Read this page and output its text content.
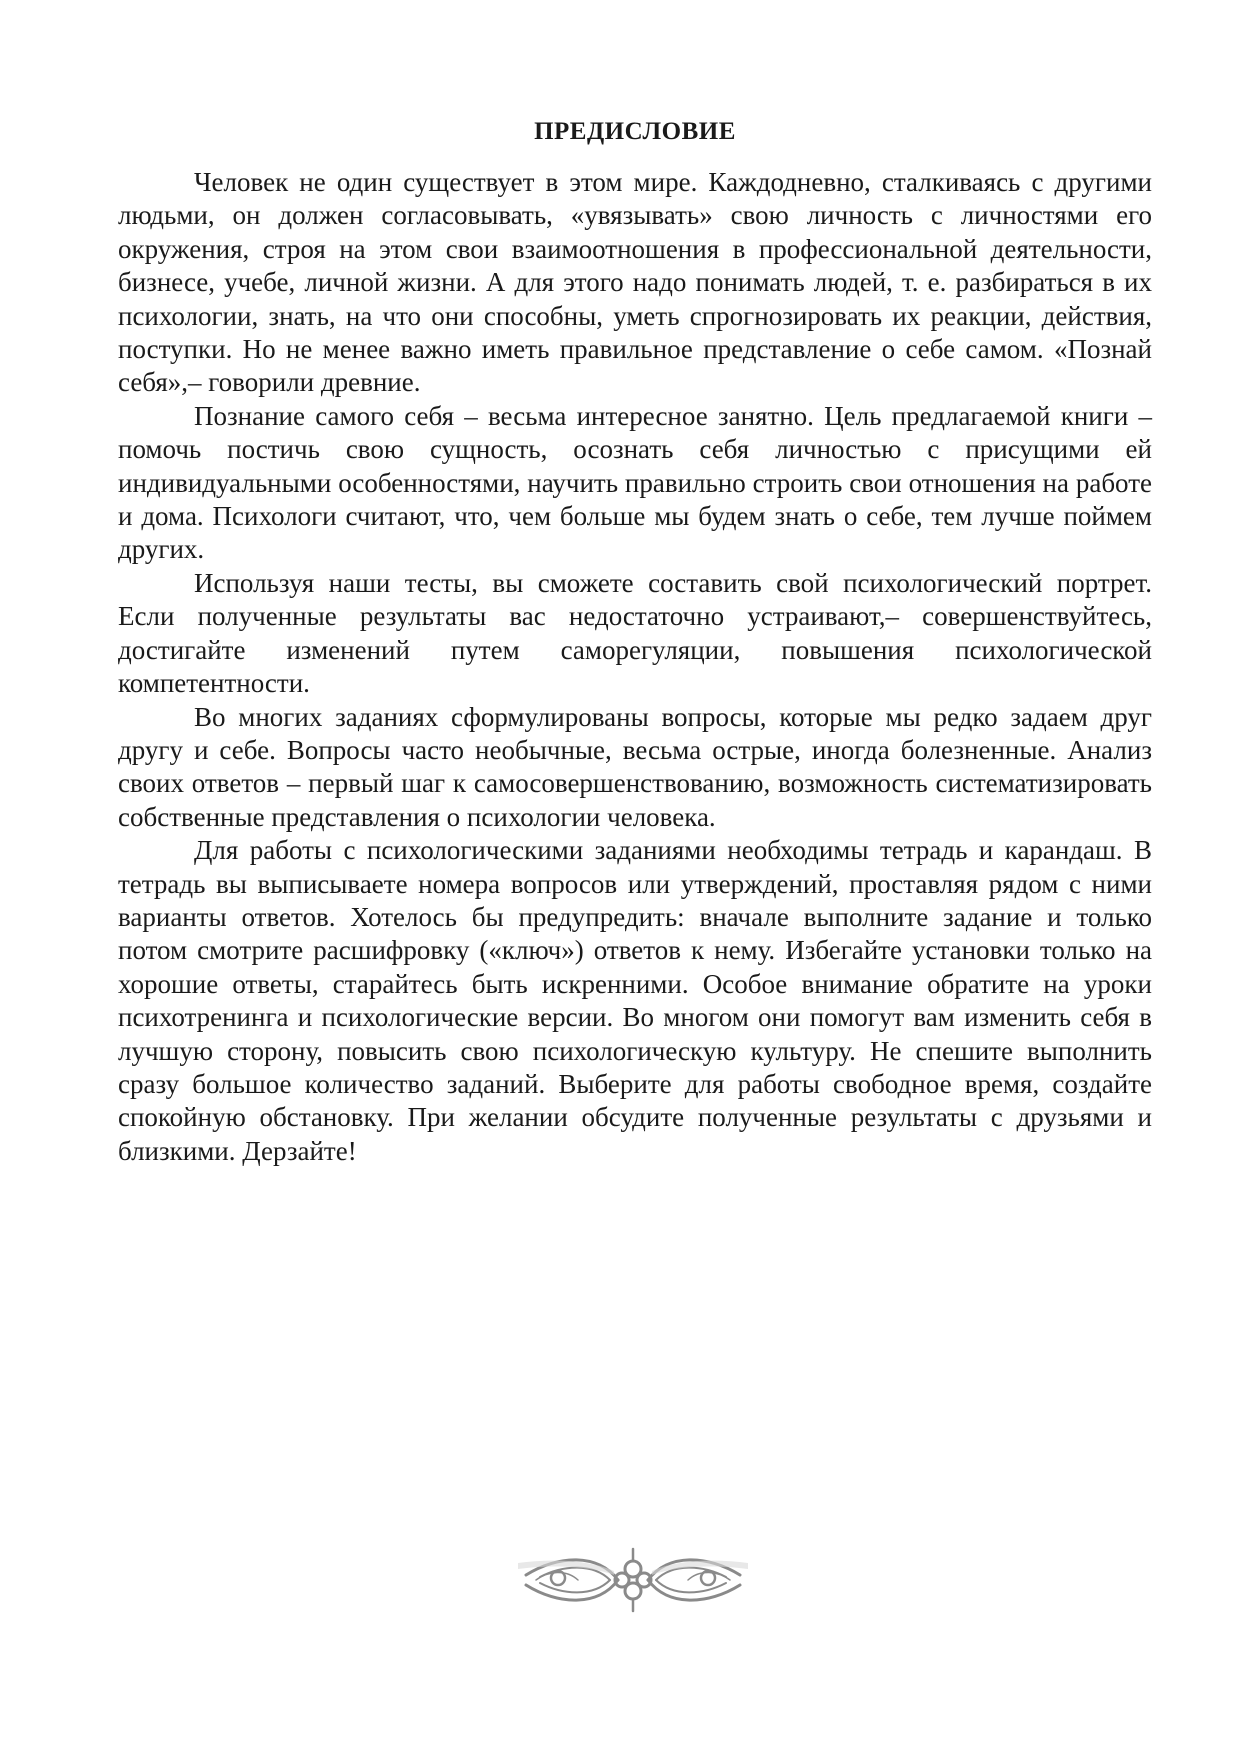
ПРЕДИСЛОВИЕ

Человек не один существует в этом мире. Каждодневно, сталкиваясь с другими людьми, он должен согласовывать, «увязывать» свою личность с личностями его окружения, строя на этом свои взаимоотношения в профессиональной деятельности, бизнесе, учебе, личной жизни. А для этого надо понимать людей, т. е. разбираться в их психологии, знать, на что они способны, уметь спрогнозировать их реакции, действия, поступки. Но не менее важно иметь правильное представление о себе самом. «Познай себя»,– говорили древние.

Познание самого себя – весьма интересное занятно. Цель предлагаемой книги – помочь постичь свою сущность, осознать себя личностью с присущими ей индивидуальными особенностями, научить правильно строить свои отношения на работе и дома. Психологи считают, что, чем больше мы будем знать о себе, тем лучше поймем других.

Используя наши тесты, вы сможете составить свой психологический портрет. Если полученные результаты вас недостаточно устраивают,– совершенствуйтесь, достигайте изменений путем саморегуляции, повышения психологической компетентности.

Во многих заданиях сформулированы вопросы, которые мы редко задаем друг другу и себе. Вопросы часто необычные, весьма острые, иногда болезненные. Анализ своих ответов – первый шаг к самосовершенствованию, возможность систематизировать собственные представления о психологии человека.

Для работы с психологическими заданиями необходимы тетрадь и карандаш. В тетрадь вы выписываете номера вопросов или утверждений, проставляя рядом с ними варианты ответов. Хотелось бы предупредить: вначале выполните задание и только потом смотрите расшифровку («ключ») ответов к нему. Избегайте установки только на хорошие ответы, старайтесь быть искренними. Особое внимание обратите на уроки психотренинга и психологические версии. Во многом они помогут вам изменить себя в лучшую сторону, повысить свою психологическую культуру. Не спешите выполнить сразу большое количество заданий. Выберите для работы свободное время, создайте спокойную обстановку. При желании обсудите полученные результаты с друзьями и близкими. Дерзайте!
